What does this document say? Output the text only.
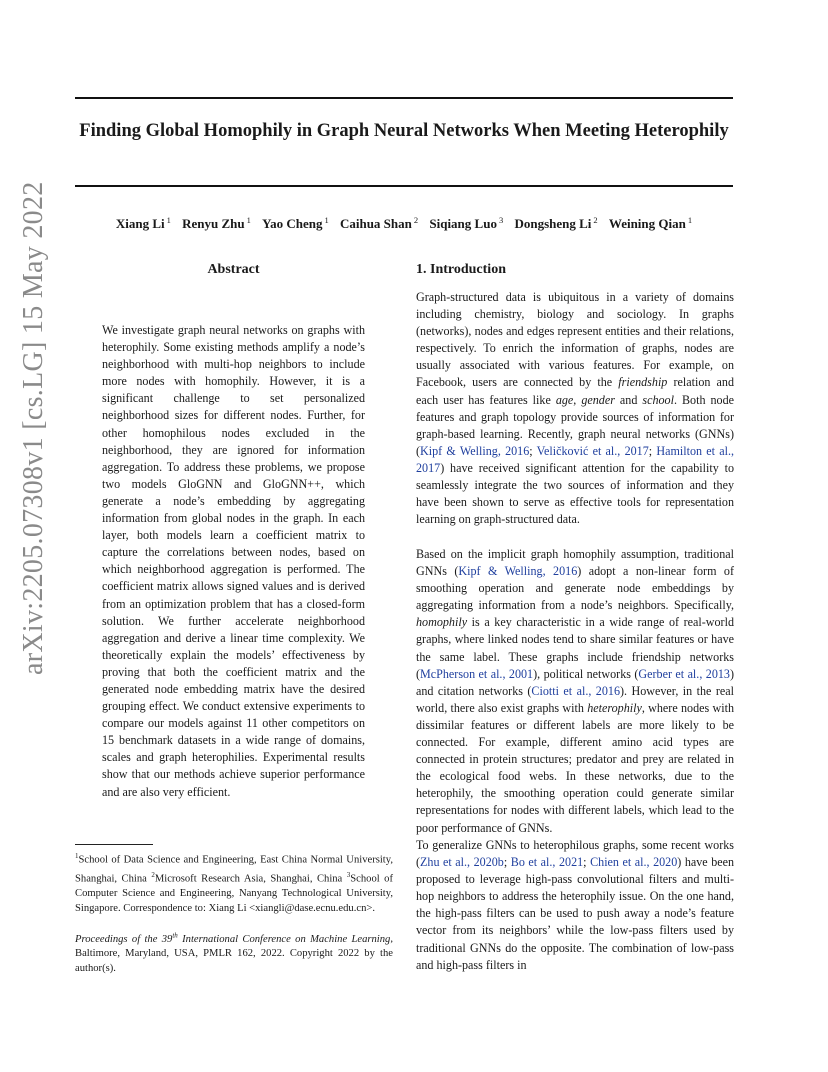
arXiv:2205.07308v1 [cs.LG] 15 May 2022
Finding Global Homophily in Graph Neural Networks When Meeting Heterophily
Xiang Li $^1$ Renyu Zhu $^1$ Yao Cheng $^1$ Caihua Shan $^2$ Siqiang Luo $^3$ Dongsheng Li $^2$ Weining Qian $^1$
Abstract
We investigate graph neural networks on graphs with heterophily. Some existing methods amplify a node’s neighborhood with multi-hop neighbors to include more nodes with homophily. However, it is a significant challenge to set personalized neighborhood sizes for different nodes. Further, for other homophilous nodes excluded in the neighborhood, they are ignored for information aggregation. To address these problems, we propose two models GloGNN and GloGNN++, which generate a node’s embedding by aggregating information from global nodes in the graph. In each layer, both models learn a coefficient matrix to capture the correlations between nodes, based on which neighborhood aggregation is performed. The coefficient matrix allows signed values and is derived from an optimization problem that has a closed-form solution. We further accelerate neighborhood aggregation and derive a linear time complexity. We theoretically explain the models’ effectiveness by proving that both the coefficient matrix and the generated node embedding matrix have the desired grouping effect. We conduct extensive experiments to compare our models against 11 other competitors on 15 benchmark datasets in a wide range of domains, scales and graph heterophilies. Experimental results show that our methods achieve superior performance and are also very efficient.
1. Introduction
Graph-structured data is ubiquitous in a variety of domains including chemistry, biology and sociology. In graphs (networks), nodes and edges represent entities and their relations, respectively. To enrich the information of graphs, nodes are usually associated with various features. For example, on Facebook, users are connected by the friendship relation and each user has features like age, gender and school. Both node features and graph topology provide sources of information for graph-based learning. Recently, graph neural networks (GNNs) (Kipf & Welling, 2016; Veličković et al., 2017; Hamilton et al., 2017) have received significant attention for the capability to seamlessly integrate the two sources of information and they have been shown to serve as effective tools for representation learning on graph-structured data.
Based on the implicit graph homophily assumption, traditional GNNs (Kipf & Welling, 2016) adopt a non-linear form of smoothing operation and generate node embeddings by aggregating information from a node’s neighbors. Specifically, homophily is a key characteristic in a wide range of real-world graphs, where linked nodes tend to share similar features or have the same label. These graphs include friendship networks (McPherson et al., 2001), political networks (Gerber et al., 2013) and citation networks (Ciotti et al., 2016). However, in the real world, there also exist graphs with heterophily, where nodes with dissimilar features or different labels are more likely to be connected. For example, different amino acid types are connected in protein structures; predator and prey are related in the ecological food webs. In these networks, due to the heterophily, the smoothing operation could generate similar representations for nodes with different labels, which lead to the poor performance of GNNs.
To generalize GNNs to heterophilous graphs, some recent works (Zhu et al., 2020b; Bo et al., 2021; Chien et al., 2020) have been proposed to leverage high-pass convolutional filters and multi-hop neighbors to address the heterophily issue. On the one hand, the high-pass filters can be used to push away a node’s feature vector from its neighbors’ while the low-pass filters used by traditional GNNs do the opposite. The combination of low-pass and high-pass filters in
$^1$School of Data Science and Engineering, East China Normal University, Shanghai, China $^2$Microsoft Research Asia, Shanghai, China $^3$School of Computer Science and Engineering, Nanyang Technological University, Singapore. Correspondence to: Xiang Li <xiangli@dase.ecnu.edu.cn>.
Proceedings of the 39th International Conference on Machine Learning, Baltimore, Maryland, USA, PMLR 162, 2022. Copyright 2022 by the author(s).
